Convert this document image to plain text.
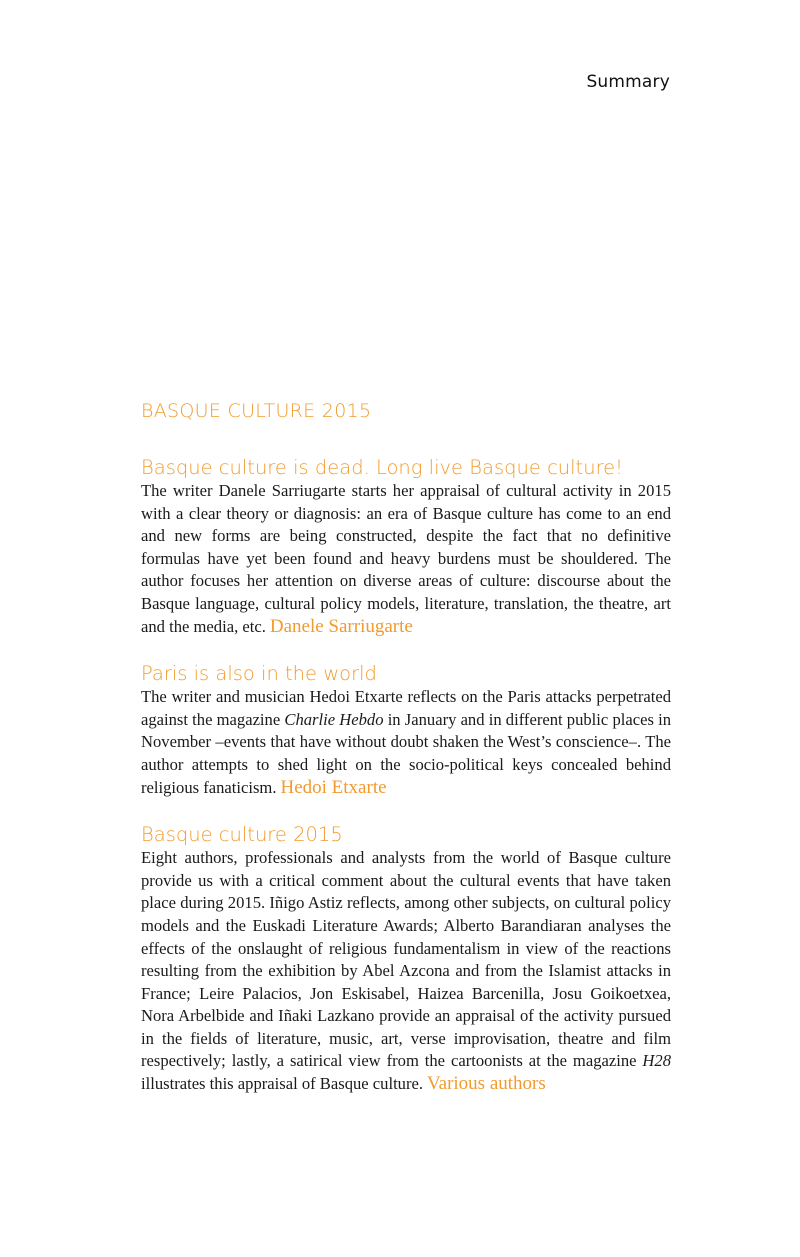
Summary
BASQUE CULTURE 2015
Basque culture is dead. Long live Basque culture!

The writer Danele Sarriugarte starts her appraisal of cultural activity in 2015 with a clear theory or diagnosis: an era of Basque culture has come to an end and new forms are being constructed, despite the fact that no definitive formulas have yet been found and heavy burdens must be shouldered. The author focuses her attention on diverse areas of culture: discourse about the Basque language, cultural policy models, literature, translation, the theatre, art and the media, etc. Danele Sarriugarte

Paris is also in the world

The writer and musician Hedoi Etxarte reflects on the Paris attacks perpetrated against the magazine Charlie Hebdo in January and in different public places in November –events that have without doubt shaken the West’s conscience–. The author attempts to shed light on the socio-political keys concealed behind religious fanaticism. Hedoi Etxarte

Basque culture 2015

Eight authors, professionals and analysts from the world of Basque culture provide us with a critical comment about the cultural events that have taken place during 2015. Iñigo Astiz reflects, among other subjects, on cultural policy models and the Euskadi Literature Awards; Alberto Barandiaran analyses the effects of the onslaught of religious fundamentalism in view of the reactions resulting from the exhibition by Abel Azcona and from the Islamist attacks in France; Leire Palacios, Jon Eskisabel, Haizea Barcenilla, Josu Goikoetxea, Nora Arbelbide and Iñaki Lazkano provide an appraisal of the activity pursued in the fields of literature, music, art, verse improvisation, theatre and film respectively; lastly, a satirical view from the cartoonists at the magazine H28 illustrates this appraisal of Basque culture. Various authors
